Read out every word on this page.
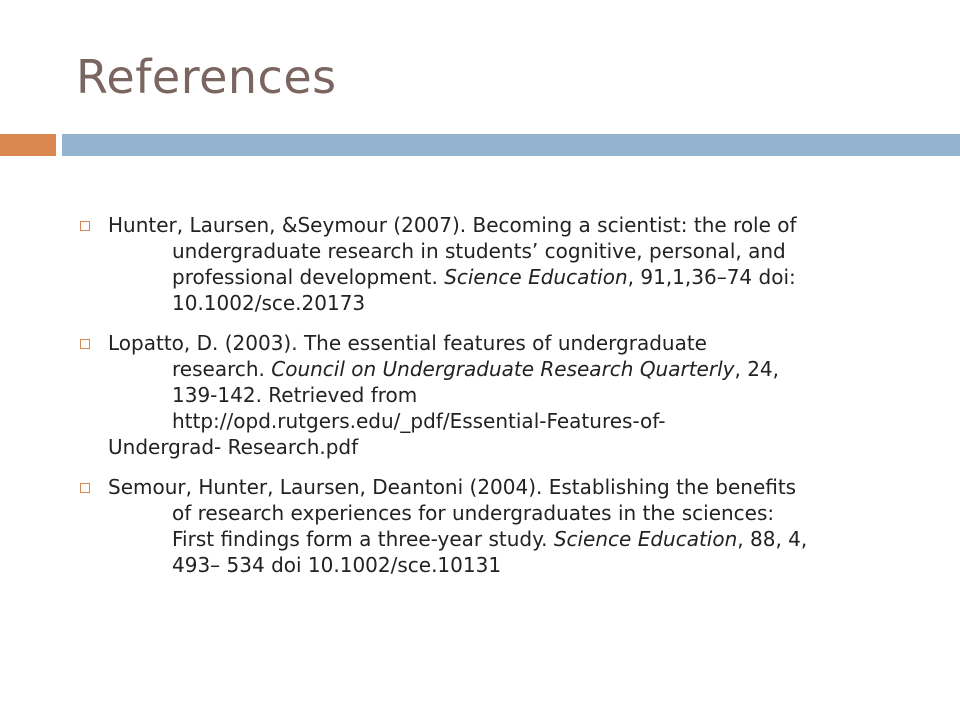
References
Hunter, Laursen, &Seymour (2007). Becoming a scientist: the role of
undergraduate research in students’ cognitive, personal, and
professional development. Science Education, 91,1,36–74 doi:
10.1002/sce.20173
Lopatto, D. (2003). The essential features of undergraduate
research. Council on Undergraduate Research Quarterly, 24,
139-142. Retrieved from
http://opd.rutgers.edu/_pdf/Essential-Features-of-
Undergrad- Research.pdf
Semour, Hunter, Laursen, Deantoni (2004). Establishing the benefits
of research experiences for undergraduates in the sciences:
First findings form a three-year study. Science Education, 88, 4,
493– 534 doi 10.1002/sce.10131
